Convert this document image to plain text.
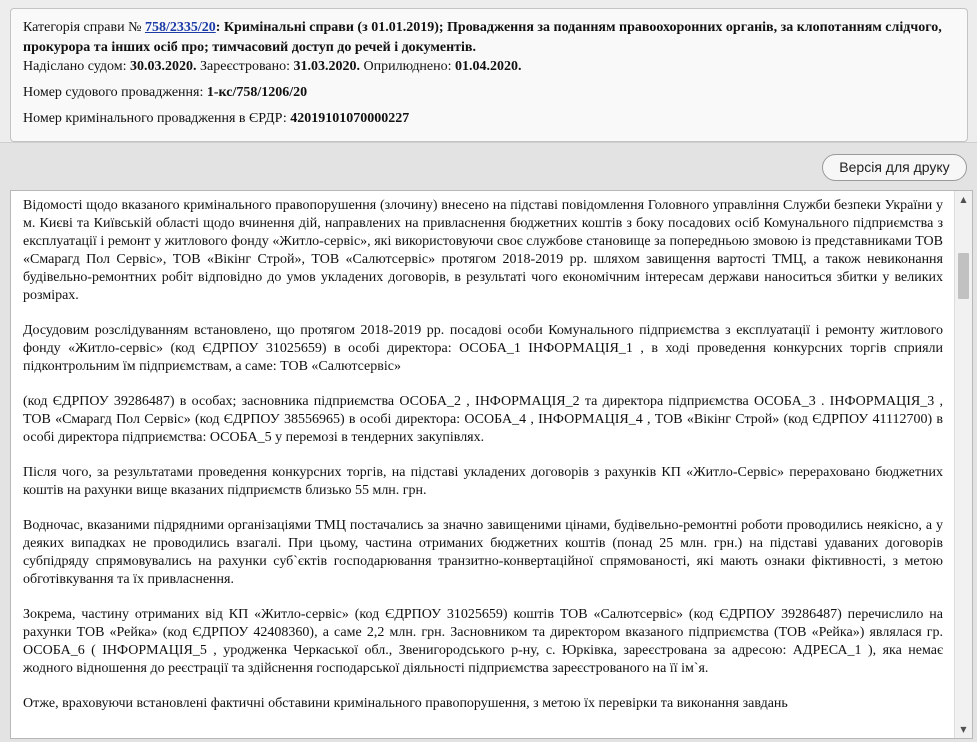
Категорія справи № 758/2335/20: Кримінальні справи (з 01.01.2019); Провадження за поданням правоохоронних органів, за клопотанням слідчого, прокурора та інших осіб про; тимчасовий доступ до речей і документів.

Надіслано судом: 30.03.2020. Зареєстровано: 31.03.2020. Оприлюднено: 01.04.2020.

Номер судового провадження: 1-кс/758/1206/20

Номер кримінального провадження в ЄРДР: 42019101070000227

Версія для друку

Відомості щодо вказаного кримінального правопорушення (злочину) внесено на підставі повідомлення Головного управління Служби безпеки України у м. Києві та Київській області щодо вчинення дій, направлених на привласнення бюджетних коштів з боку посадових осіб Комунального підприємства з експлуатації і ремонт у житлового фонду «Житло-сервіс», які використовуючи своє службове становище за попередньою змовою із представниками ТОВ «Смарагд Пол Сервіс», ТОВ «Вікінг Строй», ТОВ «Салютсервіс» протягом 2018-2019 рр. шляхом завищення вартості ТМЦ, а також невиконання будівельно-ремонтних робіт відповідно до умов укладених договорів, в результаті чого економічним інтересам держави наноситься збитки у великих розмірах.

Досудовим розслідуванням встановлено, що протягом 2018-2019 рр. посадові особи Комунального підприємства з експлуатації і ремонту житлового фонду «Житло-сервіс» (код ЄДРПОУ 31025659) в особі директора: ОСОБА_1 ІНФОРМАЦІЯ_1 , в ході проведення конкурсних торгів сприяли підконтрольним їм підприємствам, а саме: ТОВ «Салютсервіс»

(код ЄДРПОУ 39286487) в особах; засновника підприємства ОСОБА_2 , ІНФОРМАЦІЯ_2 та директора підприємства ОСОБА_3 . ІНФОРМАЦІЯ_3 , ТОВ «Смарагд Пол Сервіс» (код ЄДРПОУ 38556965) в особі директора: ОСОБА_4 , ІНФОРМАЦІЯ_4 , ТОВ «Вікінг Строй» (код ЄДРПОУ 41112700) в особі директора підприємства: ОСОБА_5 у перемозі в тендерних закупівлях.

Після чого, за результатами проведення конкурсних торгів, на підставі укладених договорів з рахунків КП «Житло-Сервіс» перераховано бюджетних коштів на рахунки вище вказаних підприємств близько 55 млн. грн.

Водночас, вказаними підрядними організаціями ТМЦ постачались за значно завищеними цінами, будівельно-ремонтні роботи проводились неякісно, а у деяких випадках не проводились взагалі. При цьому, частина отриманих бюджетних коштів (понад 25 млн. грн.) на підставі удаваних договорів субпідряду спрямовувались на рахунки суб`єктів господарювання транзитно-конвертаційної спрямованості, які мають ознаки фіктивності, з метою обготівкування та їх привласнення.

Зокрема, частину отриманих від КП «Житло-сервіс» (код ЄДРПОУ 31025659) коштів ТОВ «Салютсервіс» (код ЄДРПОУ 39286487) перечислило на рахунки ТОВ «Рейка» (код ЄДРПОУ 42408360), а саме 2,2 млн. грн. Засновником та директором вказаного підприємства (ТОВ «Рейка») являлася гр. ОСОБА_6 ( ІНФОРМАЦІЯ_5 , уродженка Черкаської обл., Звенигородського р-ну, с. Юрківка, зареєстрована за адресою: АДРЕСА_1 ), яка немає жодного відношення до реєстрації та здійснення господарської діяльності підприємства зареєстрованого на її ім`я.

Отже, враховуючи встановлені фактичні обставини кримінального правопорушення, з метою їх перевірки та виконання завдань

▲
▼
